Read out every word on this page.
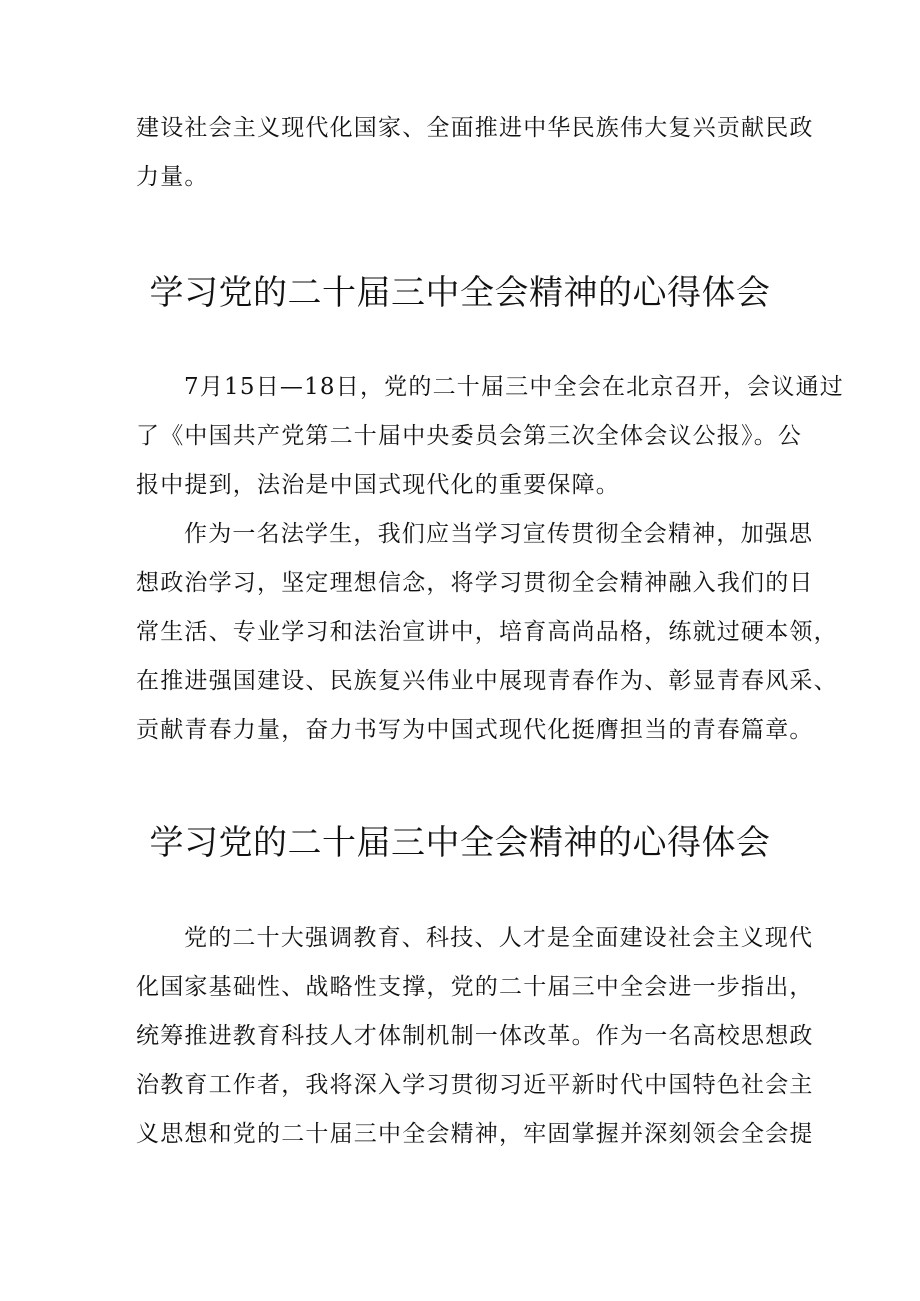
建设社会主义现代化国家、全面推进中华民族伟大复兴贡献民政
力量。
学习党的二十届三中全会精神的心得体会
7月15日—18日，党的二十届三中全会在北京召开，会议通过
了《中国共产党第二十届中央委员会第三次全体会议公报》。公
报中提到，法治是中国式现代化的重要保障。
作为一名法学生，我们应当学习宣传贯彻全会精神，加强思
想政治学习，坚定理想信念，将学习贯彻全会精神融入我们的日
常生活、专业学习和法治宣讲中，培育高尚品格，练就过硬本领，
在推进强国建设、民族复兴伟业中展现青春作为、彰显青春风采、
贡献青春力量，奋力书写为中国式现代化挺膺担当的青春篇章。
学习党的二十届三中全会精神的心得体会
党的二十大强调教育、科技、人才是全面建设社会主义现代
化国家基础性、战略性支撑，党的二十届三中全会进一步指出，
统筹推进教育科技人才体制机制一体改革。作为一名高校思想政
治教育工作者，我将深入学习贯彻习近平新时代中国特色社会主
义思想和党的二十届三中全会精神，牢固掌握并深刻领会全会提
